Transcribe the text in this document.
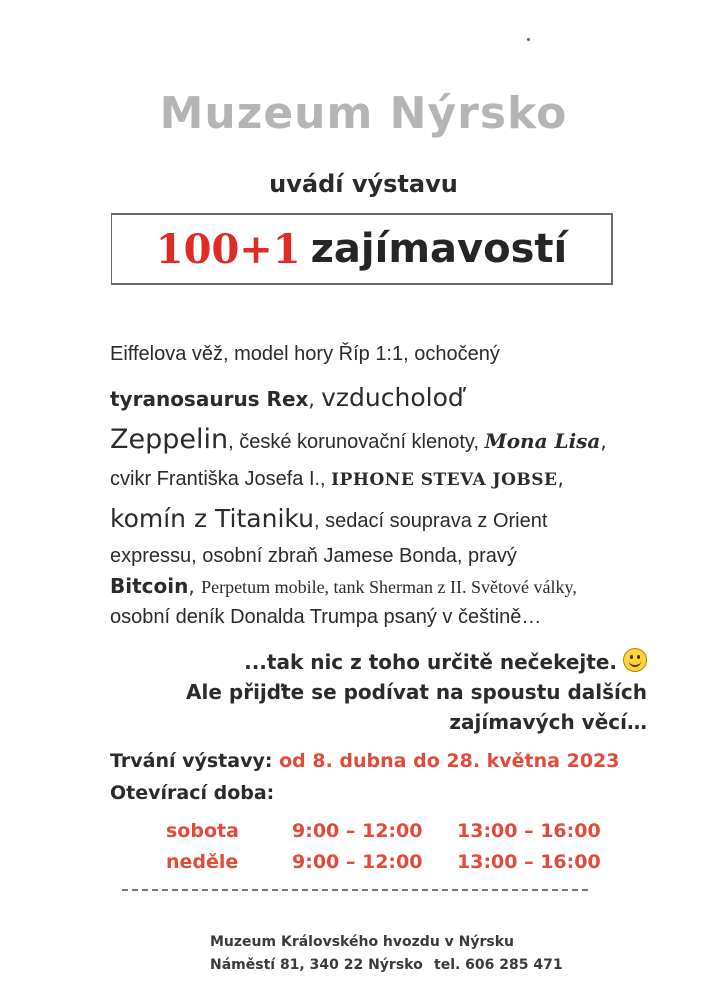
Muzeum Nýrsko
uvádí výstavu
100+1 zajímavostí
Eiffelova věž, model hory Říp 1:1, ochočený
tyranosaurus Rex, vzducholoď
Zeppelin, české korunovační klenoty, Mona Lisa,
cvikr Františka Josefa I., IPHONE STEVA JOBSE,
komín z Titaniku, sedací souprava z Orient
expressu, osobní zbraň Jamese Bonda, pravý
Bitcoin, Perpetum mobile, tank Sherman z II. Světové války,
osobní deník Donalda Trumpa psaný v češtině…
...tak nic z toho určitě nečekejte.
Ale přijďte se podívat na spoustu dalších
zajímavých věcí…
Trvání výstavy: od 8. dubna do 28. května 2023
Otevírací doba:
sobota	9:00 – 12:00 13:00 – 16:00
neděle	9:00 – 12:00 13:00 – 16:00
Muzeum Královského hvozdu v Nýrsku
Náměstí 81, 340 22 Nýrsko tel. 606 285 471
